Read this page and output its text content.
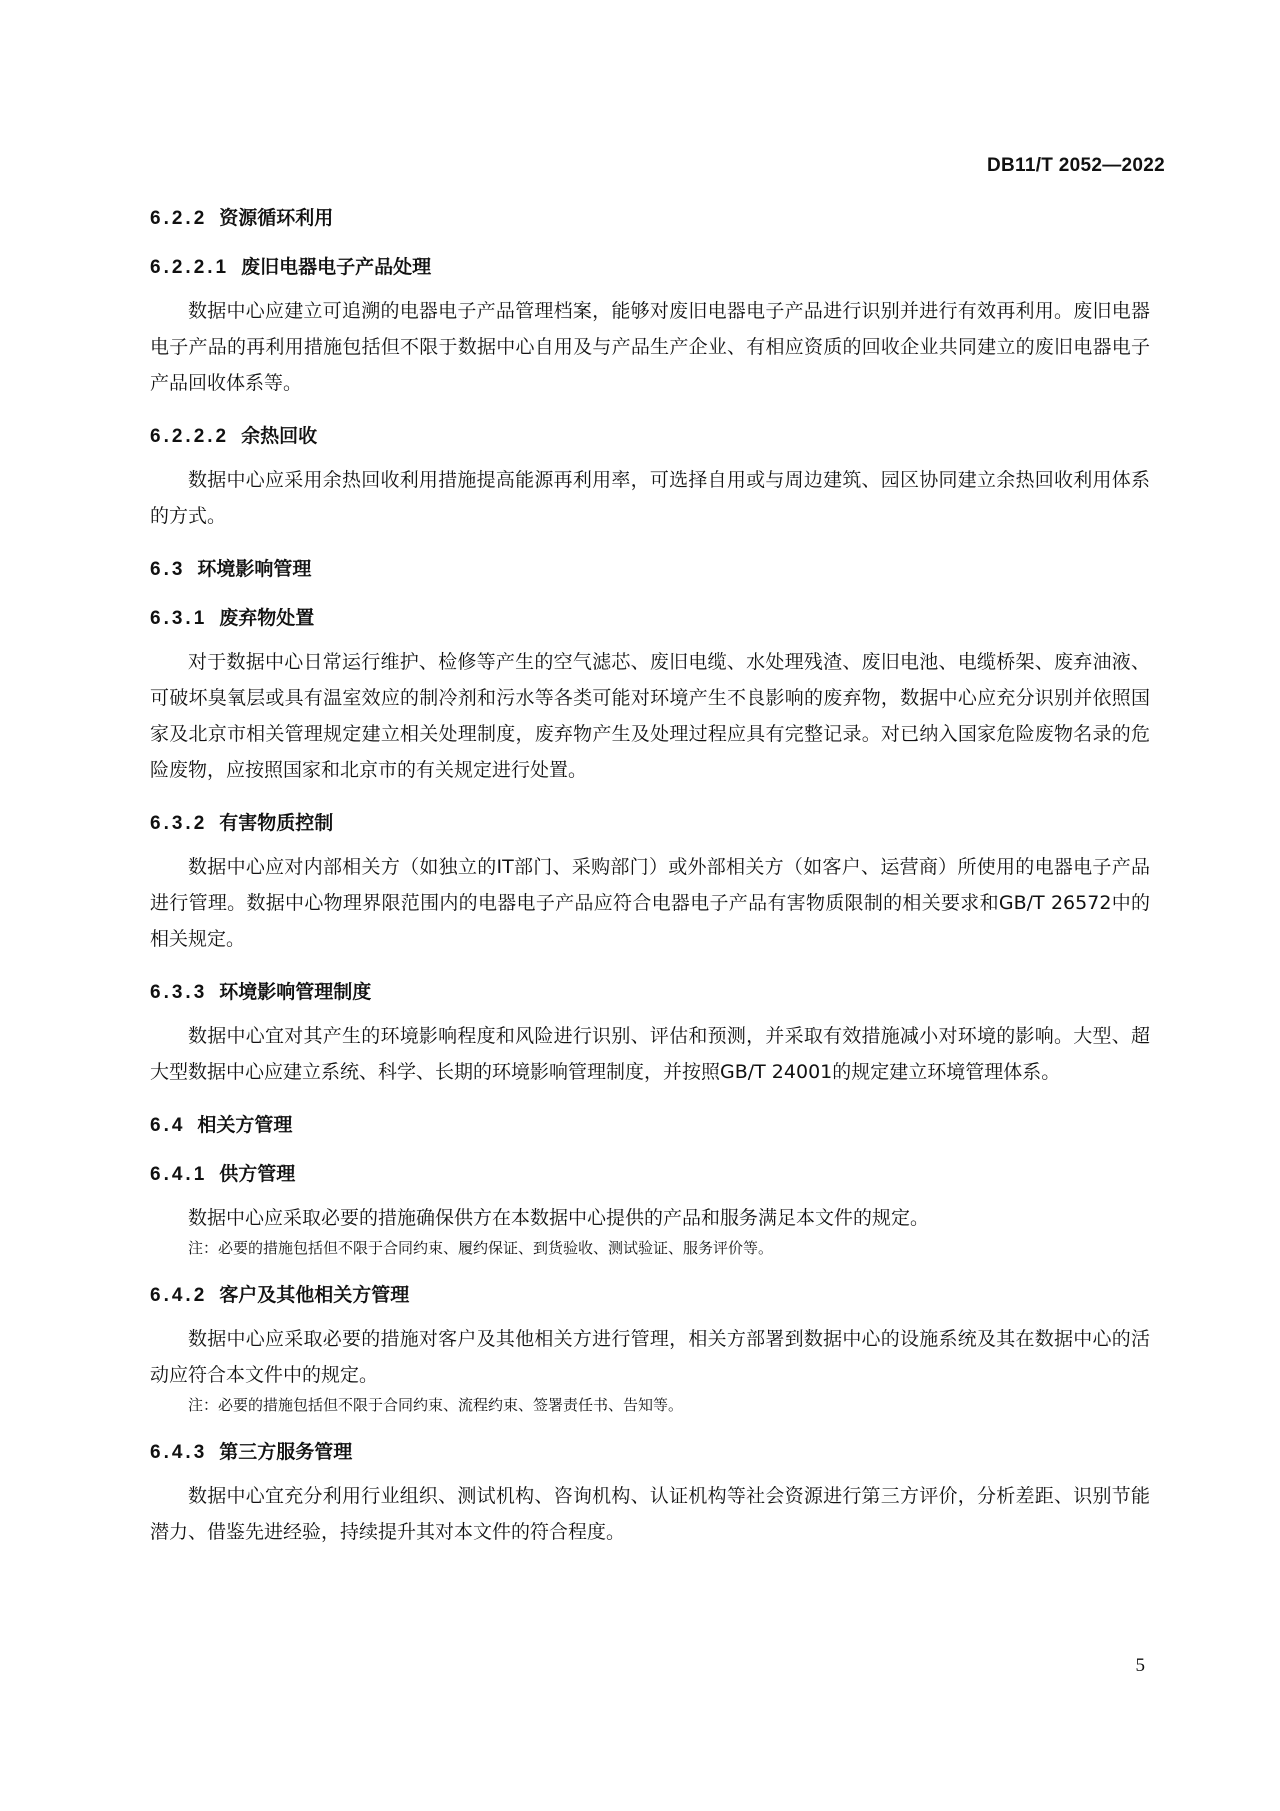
DB11/T 2052—2022
6.2.2 资源循环利用
6.2.2.1 废旧电器电子产品处理

数据中心应建立可追溯的电器电子产品管理档案，能够对废旧电器电子产品进行识别并进行有效再利用。废旧电器电子产品的再利用措施包括但不限于数据中心自用及与产品生产企业、有相应资质的回收企业共同建立的废旧电器电子产品回收体系等。

6.2.2.2 余热回收

数据中心应采用余热回收利用措施提高能源再利用率，可选择自用或与周边建筑、园区协同建立余热回收利用体系的方式。

6.3 环境影响管理
6.3.1 废弃物处置

对于数据中心日常运行维护、检修等产生的空气滤芯、废旧电缆、水处理残渣、废旧电池、电缆桥架、废弃油液、可破坏臭氧层或具有温室效应的制冷剂和污水等各类可能对环境产生不良影响的废弃物，数据中心应充分识别并依照国家及北京市相关管理规定建立相关处理制度，废弃物产生及处理过程应具有完整记录。对已纳入国家危险废物名录的危险废物，应按照国家和北京市的有关规定进行处置。

6.3.2 有害物质控制

数据中心应对内部相关方（如独立的IT部门、采购部门）或外部相关方（如客户、运营商）所使用的电器电子产品进行管理。数据中心物理界限范围内的电器电子产品应符合电器电子产品有害物质限制的相关要求和GB/T 26572中的相关规定。

6.3.3 环境影响管理制度

数据中心宜对其产生的环境影响程度和风险进行识别、评估和预测，并采取有效措施减小对环境的影响。大型、超大型数据中心应建立系统、科学、长期的环境影响管理制度，并按照GB/T 24001的规定建立环境管理体系。

6.4 相关方管理
6.4.1 供方管理

数据中心应采取必要的措施确保供方在本数据中心提供的产品和服务满足本文件的规定。

注：必要的措施包括但不限于合同约束、履约保证、到货验收、测试验证、服务评价等。

6.4.2 客户及其他相关方管理

数据中心应采取必要的措施对客户及其他相关方进行管理，相关方部署到数据中心的设施系统及其在数据中心的活动应符合本文件中的规定。

注：必要的措施包括但不限于合同约束、流程约束、签署责任书、告知等。

6.4.3 第三方服务管理

数据中心宜充分利用行业组织、测试机构、咨询机构、认证机构等社会资源进行第三方评价，分析差距、识别节能潜力、借鉴先进经验，持续提升其对本文件的符合程度。

5
